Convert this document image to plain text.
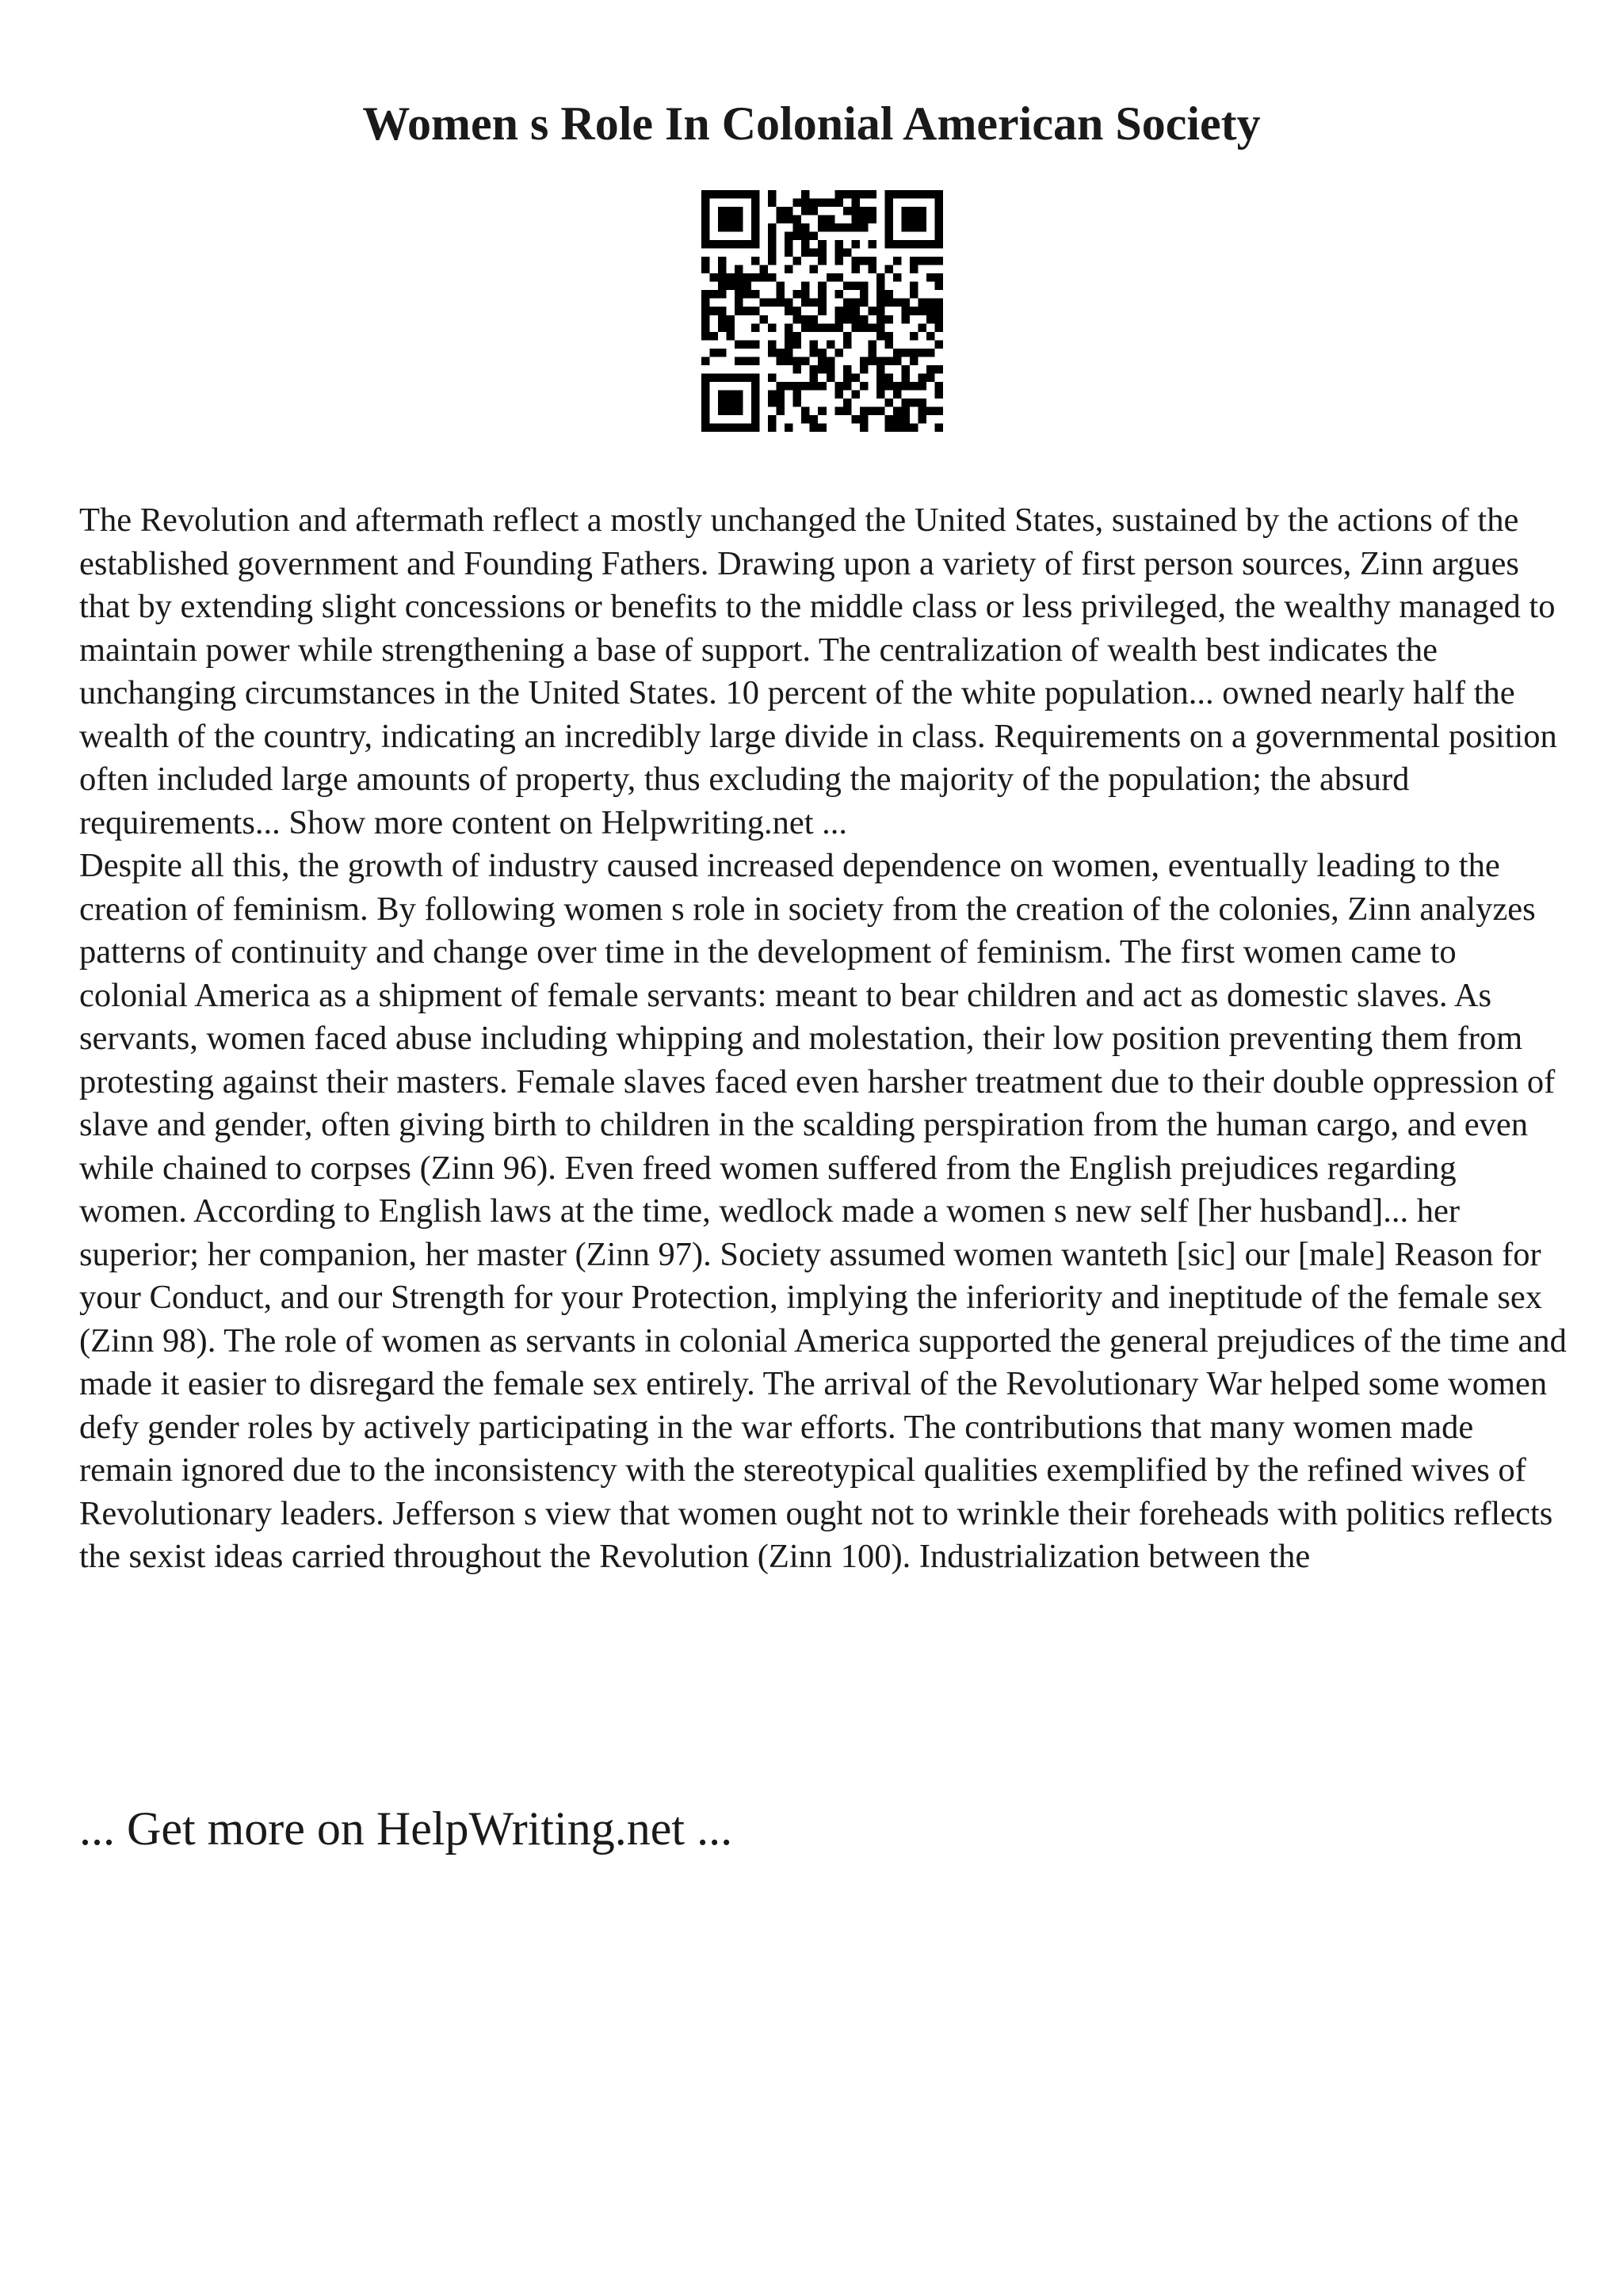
Women s Role In Colonial American Society

The Revolution and aftermath reflect a mostly unchanged the United States, sustained by the actions of the established government and Founding Fathers. Drawing upon a variety of first person sources, Zinn argues that by extending slight concessions or benefits to the middle class or less privileged, the wealthy managed to maintain power while strengthening a base of support. The centralization of wealth best indicates the unchanging circumstances in the United States. 10 percent of the white population... owned nearly half the wealth of the country, indicating an incredibly large divide in class. Requirements on a governmental position often included large amounts of property, thus excluding the majority of the population; the absurd requirements... Show more content on Helpwriting.net ...

Despite all this, the growth of industry caused increased dependence on women, eventually leading to the creation of feminism. By following women s role in society from the creation of the colonies, Zinn analyzes patterns of continuity and change over time in the development of feminism. The first women came to colonial America as a shipment of female servants: meant to bear children and act as domestic slaves. As servants, women faced abuse including whipping and molestation, their low position preventing them from protesting against their masters. Female slaves faced even harsher treatment due to their double oppression of slave and gender, often giving birth to children in the scalding perspiration from the human cargo, and even while chained to corpses (Zinn 96). Even freed women suffered from the English prejudices regarding women. According to English laws at the time, wedlock made a women s new self [her husband]... her superior; her companion, her master (Zinn 97). Society assumed women wanteth [sic] our [male] Reason for your Conduct, and our Strength for your Protection, implying the inferiority and ineptitude of the female sex (Zinn 98). The role of women as servants in colonial America supported the general prejudices of the time and made it easier to disregard the female sex entirely. The arrival of the Revolutionary War helped some women defy gender roles by actively participating in the war efforts. The contributions that many women made remain ignored due to the inconsistency with the stereotypical qualities exemplified by the refined wives of Revolutionary leaders. Jefferson s view that women ought not to wrinkle their foreheads with politics reflects the sexist ideas carried throughout the Revolution (Zinn 100). Industrialization between the

... Get more on HelpWriting.net ...
